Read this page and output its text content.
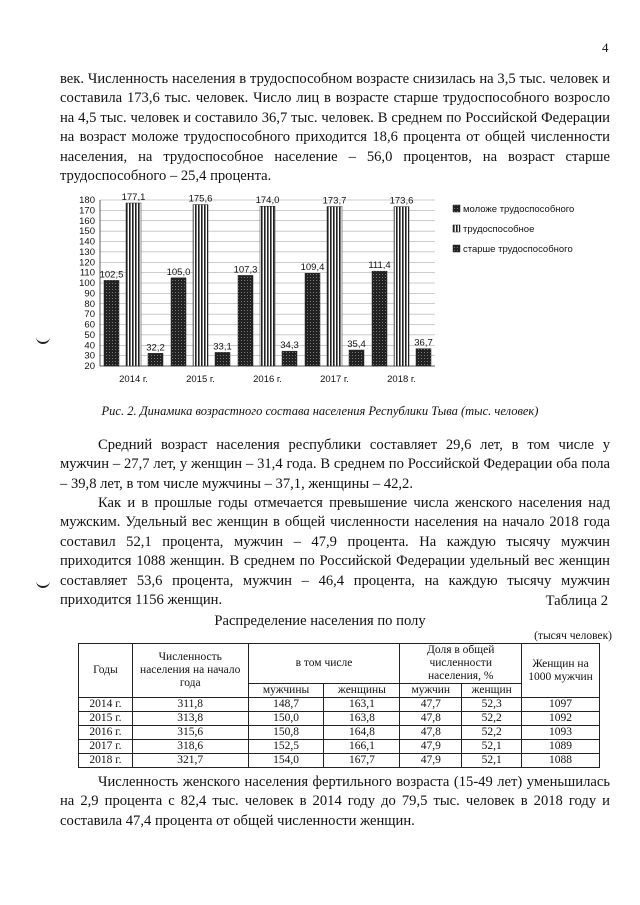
4

век. Численность населения в трудоспособном возрасте снизилась на 3,5 тыс. человек и составила 173,6 тыс. человек. Число лиц в возрасте старше трудоспособного возросло на 4,5 тыс. человек и составило 36,7 тыс. человек. В среднем по Российской Федерации на возраст моложе трудоспособного приходится 18,6 процента от общей численности населения, на трудоспособное население – 56,0 процентов, на возраст старше трудоспособного – 25,4 процента.

20
30
40
50
60
70
80
90
100
110
120
130
140
150
160
170
180
102,5
177,1
32,2
2014 г.
105,0
175,6
33,1
2015 г.
107,3
174,0
34,3
2016 г.
109,4
173,7
35,4
2017 г.
111,4
173,6
36,7
2018 г.
моложе трудоспособного
трудоспособное
старше трудоспособного
Рис. 2. Динамика возрастного состава населения Республики Тыва (тыс. человек)

Средний возраст населения республики составляет 29,6 лет, в том числе у мужчин – 27,7 лет, у женщин – 31,4 года. В среднем по Российской Федерации оба пола – 39,8 лет, в том числе мужчины – 37,1, женщины – 42,2.

Как и в прошлые годы отмечается превышение числа женского населения над мужским. Удельный вес женщин в общей численности населения на начало 2018 года составил 52,1 процента, мужчин – 47,9 процента. На каждую тысячу мужчин приходится 1088 женщин. В среднем по Российской Федерации удельный вес женщин составляет 53,6 процента, мужчин – 46,4 процента, на каждую тысячу мужчин приходится 1156 женщин.	Таблица 2
Распределение населения по полу
(тысяч человек)
Годы	Численность населения на начало года	в том числе		Доля в общей численности населения, %		Женщин на 1000 мужчин
		мужчины	женщины	мужчин	женщин	
2014 г.	311,8	148,7	163,1	47,7	52,3	1097
2015 г.	313,8	150,0	163,8	47,8	52,2	1092
2016 г.	315,6	150,8	164,8	47,8	52,2	1093
2017 г.	318,6	152,5	166,1	47,9	52,1	1089
2018 г.	321,7	154,0	167,7	47,9	52,1	1088

Численность женского населения фертильного возраста (15-49 лет) уменьшилась на 2,9 процента с 82,4 тыс. человек в 2014 году до 79,5 тыс. человек в 2018 году и составила 47,4 процента от общей численности женщин.
